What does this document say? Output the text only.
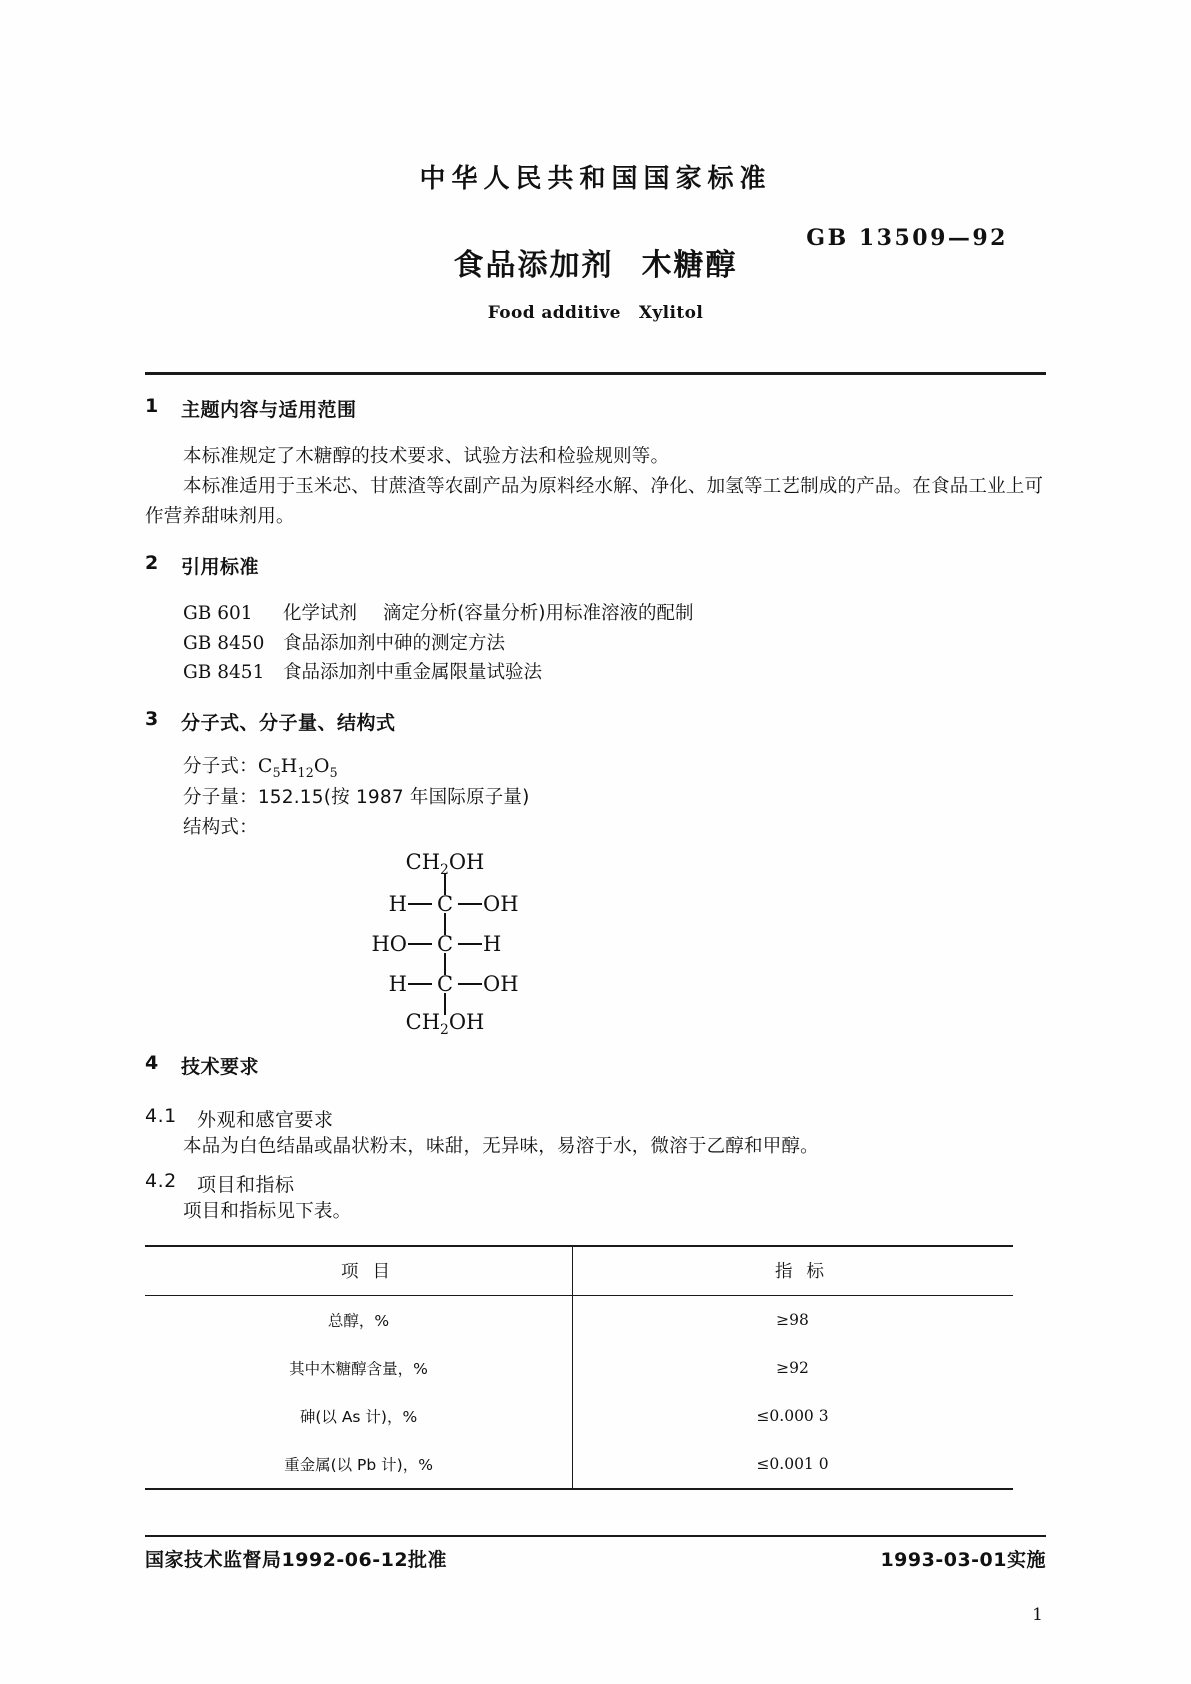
中华人民共和国国家标准
GB 13509—92
食品添加剂 木糖醇
Food additive Xylitol
1	主题内容与适用范围

本标准规定了木糖醇的技术要求、试验方法和检验规则等。

本标准适用于玉米芯、甘蔗渣等农副产品为原料经水解、净化、加氢等工艺制成的产品。在食品工业上可作营养甜味剂用。

2	引用标准
GB 601	化学试剂 滴定分析(容量分析)用标准溶液的配制
GB 8450	食品添加剂中砷的测定方法
GB 8451	食品添加剂中重金属限量试验法
3	分子式、分子量、结构式

分子式：$C_5H_{12}O_5$

分子量：152.15(按 1987 年国际原子量)

结构式：

$CH_2OH$
H	C	OH
HO	C	H
H	C	OH
$CH_2OH$
4	技术要求
4.1	外观和感官要求

本品为白色结晶或晶状粉末，味甜，无异味，易溶于水，微溶于乙醇和甲醇。

4.2	项目和指标

项目和指标见下表。

项目	指标
总醇，%	≥98
其中木糖醇含量，%	≥92
砷(以 As 计)，%	≤0.000 3
重金属(以 Pb 计)，%	≤0.001 0
国家技术监督局1992-06-12批准	1993-03-01实施
1
